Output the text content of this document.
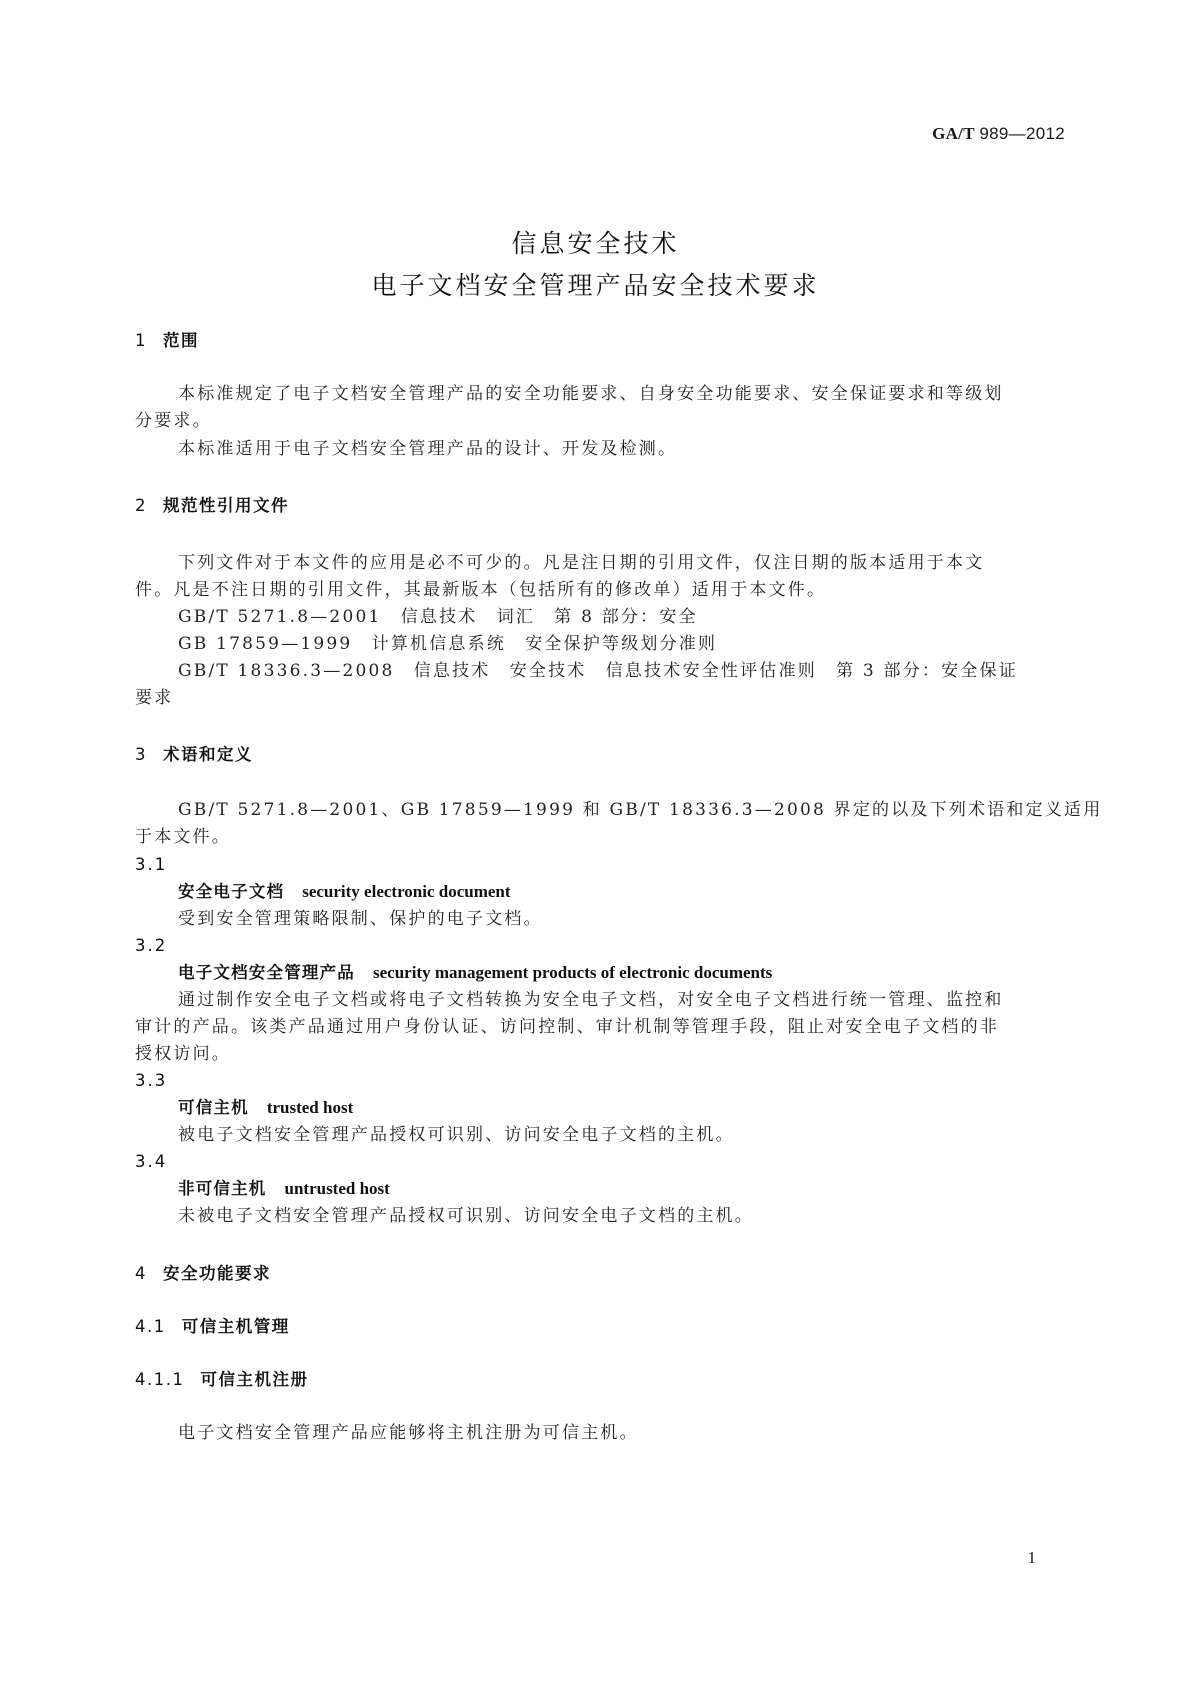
GA/T 989—2012
信息安全技术
电子文档安全管理产品安全技术要求
1 范围
本标准规定了电子文档安全管理产品的安全功能要求、自身安全功能要求、安全保证要求和等级划
分要求。
本标准适用于电子文档安全管理产品的设计、开发及检测。
2 规范性引用文件
下列文件对于本文件的应用是必不可少的。凡是注日期的引用文件，仅注日期的版本适用于本文
件。凡是不注日期的引用文件，其最新版本（包括所有的修改单）适用于本文件。
GB/T 5271.8—2001　信息技术　词汇　第 8 部分：安全
GB 17859—1999　计算机信息系统　安全保护等级划分准则
GB/T 18336.3—2008　信息技术　安全技术　信息技术安全性评估准则　第 3 部分：安全保证
要求
3 术语和定义
GB/T 5271.8—2001、GB 17859—1999 和 GB/T 18336.3—2008 界定的以及下列术语和定义适用
于本文件。
3.1
安全电子文档 security electronic document
受到安全管理策略限制、保护的电子文档。
3.2
电子文档安全管理产品 security management products of electronic documents
通过制作安全电子文档或将电子文档转换为安全电子文档，对安全电子文档进行统一管理、监控和
审计的产品。该类产品通过用户身份认证、访问控制、审计机制等管理手段，阻止对安全电子文档的非
授权访问。
3.3
可信主机 trusted host
被电子文档安全管理产品授权可识别、访问安全电子文档的主机。
3.4
非可信主机 untrusted host
未被电子文档安全管理产品授权可识别、访问安全电子文档的主机。
4 安全功能要求
4.1 可信主机管理
4.1.1 可信主机注册
电子文档安全管理产品应能够将主机注册为可信主机。
1
